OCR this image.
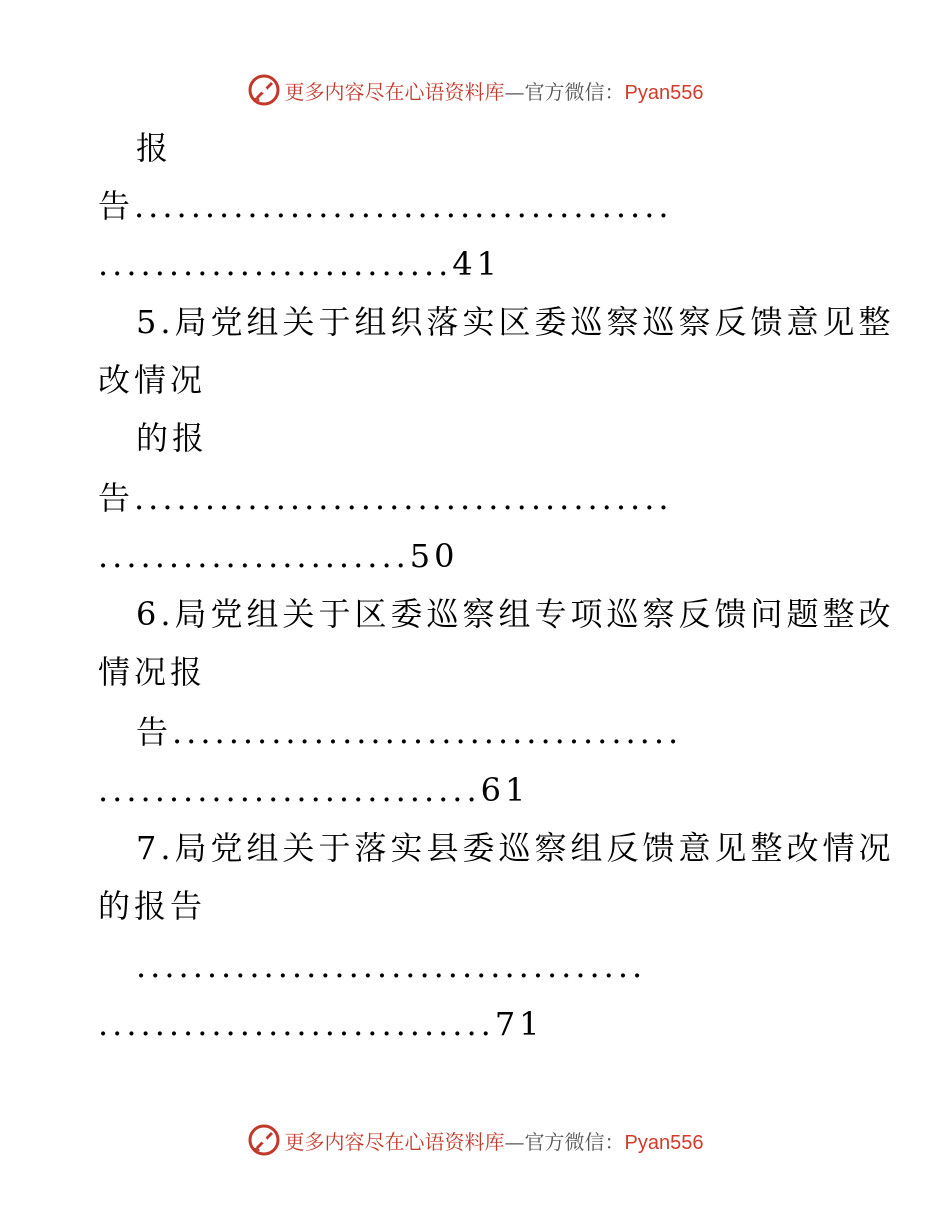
更多内容尽在心语资料库—官方微信：Pyan556
报
告......................................
.........................41
5.局党组关于组织落实区委巡察巡察反馈意见整
改情况
的报
告......................................
......................50
6.局党组关于区委巡察组专项巡察反馈问题整改
情况报
告....................................
...........................61
7.局党组关于落实县委巡察组反馈意见整改情况
的报告
....................................
............................71
更多内容尽在心语资料库—官方微信：Pyan556
